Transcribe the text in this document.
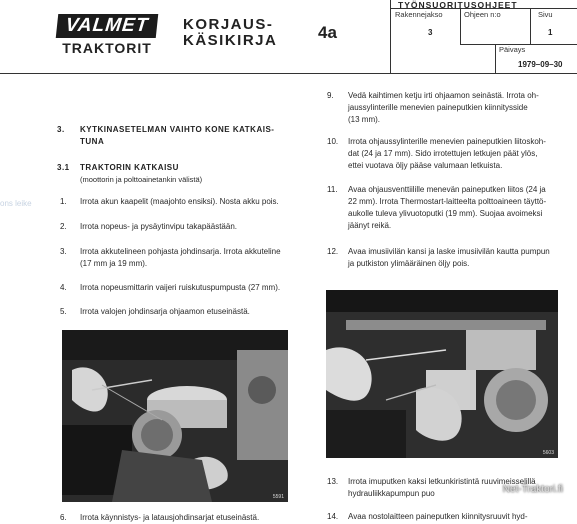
VALMET
TRAKTORIT
KORJAUS-
KÄSIKIRJA 4a
TYÖNSUORITUSOHJEET
Rakennejakso
3
Ohjeen n:o	Sivu
1
Päivays
1979–09–30
3. KYTKINASETELMAN VAIHTO KONE KATKAIS-
TUNA
3.1 TRAKTORIN KATKAISU
(moottorin ja polttoainetankin välistä)
ons leike	1. Irrota akun kaapelit (maajohto ensiksi). Nosta akku pois.
2. Irrota nopeus- ja pysäytinvipu takapäästään.
3. Irrota akkutelineen pohjasta johdinsarja. Irrota akkuteline
(17 mm ja 19 mm).
4. Irrota nopeusmittarin vaijeri ruiskutuspumpusta (27 mm).
5. Irrota valojen johdinsarja ohjaamon etuseinästä.
5591
6. Irrota käynnistys- ja latausjohdinsarjat etuseinästä.
9. Vedä kaihtimen ketju irti ohjaamon seinästä. Irrota oh-
jaussylinterille menevien paineputkien kiinnitysside
(13 mm).
10. Irrota ohjaussylinterille menevien paineputkien liitoskoh-
dat (24 ja 17 mm). Sido irrotettujen letkujen päät ylös,
ettei vuotava öljy pääse valumaan letkuista.
11. Avaa ohjausventtiilille menevän paineputken liitos (24 ja
22 mm). Irrota Thermostart-laitteelta polttoaineen täyttö-
aukolle tuleva ylivuotoputki (19 mm). Suojaa avoimeksi
jäänyt reikä.
12. Avaa imusiivilän kansi ja laske imusiivilän kautta pumpun
ja putkiston ylimääräinen öljy pois.
5603
13. Irrota imuputken kaksi letkunkiristintä ruuvimeisselillä
hydrauliikkapumpun puo
14. Avaa nostolaitteen paineputken kiinnitysruuvit hyd-
Net-Traktori.fi
